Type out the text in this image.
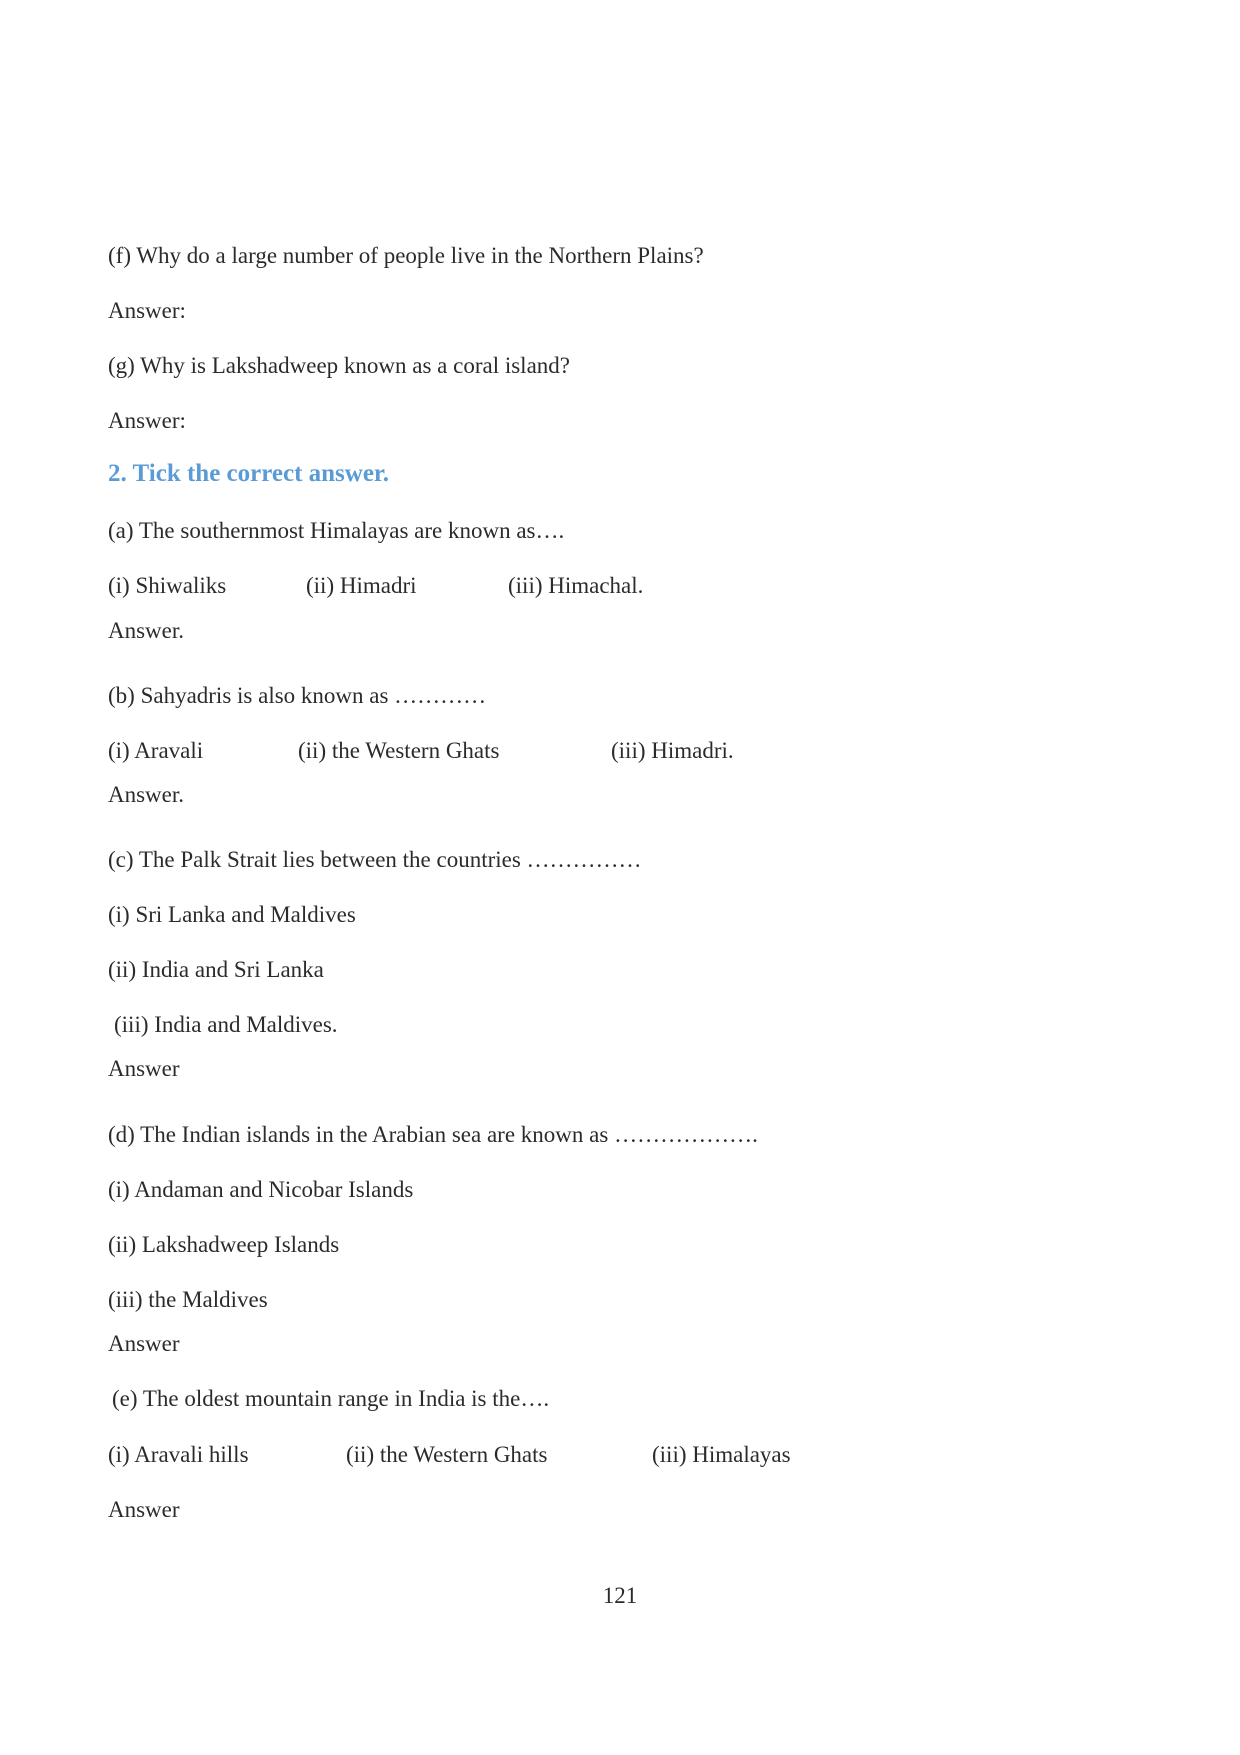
(f) Why do a large number of people live in the Northern Plains?
Answer:
(g) Why is Lakshadweep known as a coral island?
Answer:
2. Tick the correct answer.
(a) The southernmost Himalayas are known as….
(i) Shiwaliks	(ii) Himadri	(iii) Himachal.
Answer.
(b) Sahyadris is also known as …………
(i) Aravali	(ii) the Western Ghats	(iii) Himadri.
Answer.
(c) The Palk Strait lies between the countries ……………
(i) Sri Lanka and Maldives
(ii) India and Sri Lanka
(iii) India and Maldives.
Answer
(d) The Indian islands in the Arabian sea are known as ……………….
(i) Andaman and Nicobar Islands
(ii) Lakshadweep Islands
(iii) the Maldives
Answer
(e) The oldest mountain range in India is the….
(i) Aravali hills	(ii) the Western Ghats	(iii) Himalayas
Answer
121
